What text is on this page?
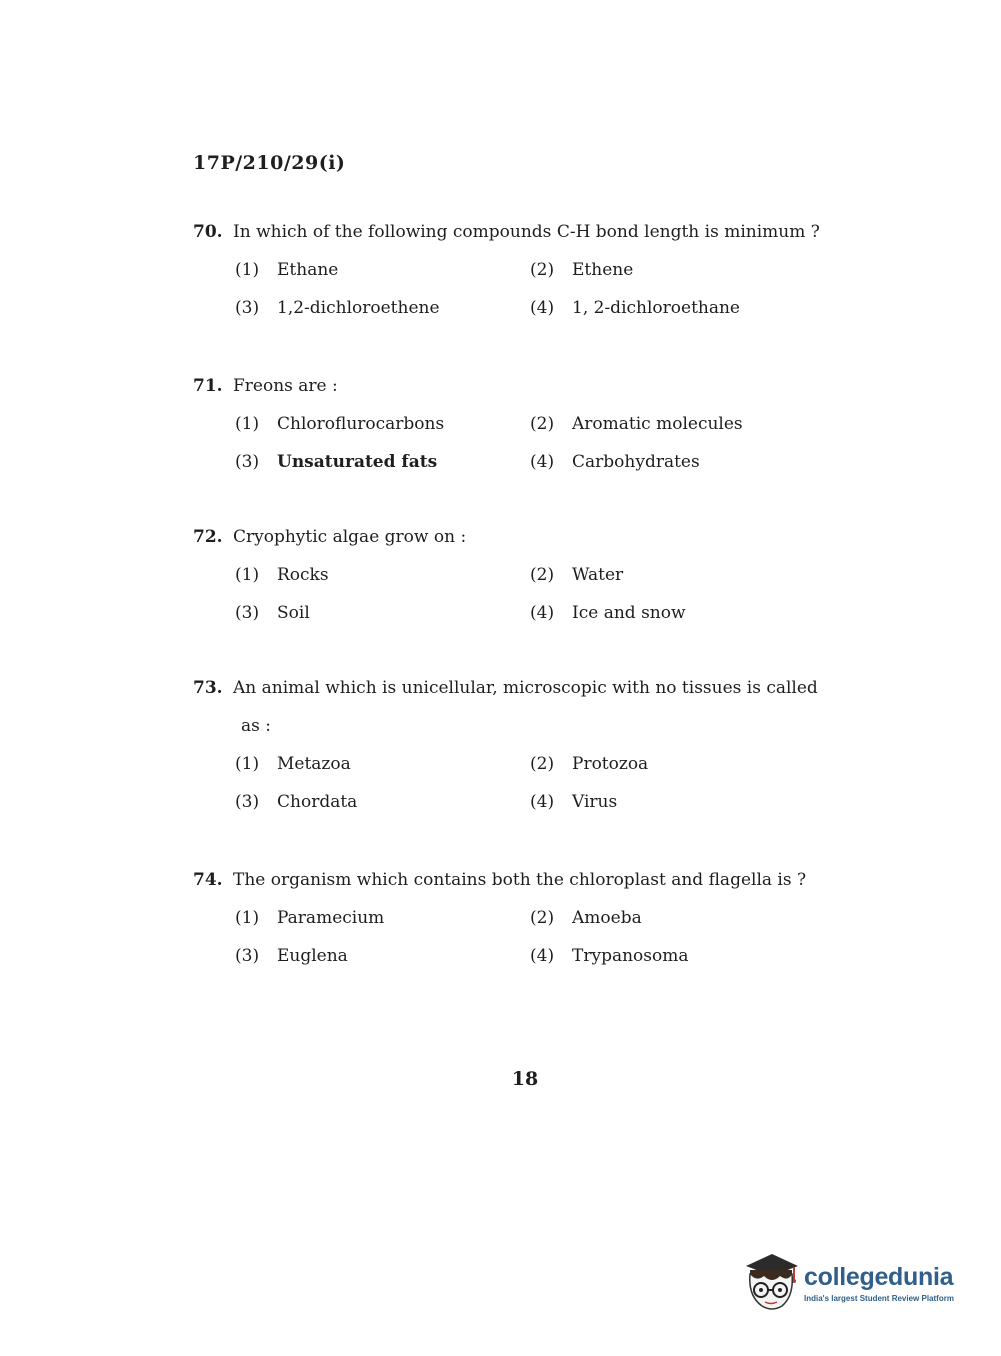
17P/210/29(i)
70. In which of the following compounds C-H bond length is minimum ?
(1)	Ethane	(2)	Ethene
(3)	1,2-dichloroethene	(4)	1, 2-dichloroethane
71. Freons are :
(1)	Chloroflurocarbons	(2)	Aromatic molecules
(3)	Unsaturated fats	(4)	Carbohydrates
72. Cryophytic algae grow on :
(1)	Rocks	(2)	Water
(3)	Soil	(4)	Ice and snow
73. An animal which is unicellular, microscopic with no tissues is called
as :
(1)	Metazoa	(2)	Protozoa
(3)	Chordata	(4)	Virus
74. The organism which contains both the chloroplast and flagella is ?
(1)	Paramecium	(2)	Amoeba
(3)	Euglena	(4)	Trypanosoma
18
collegedunia
India's largest Student Review Platform
